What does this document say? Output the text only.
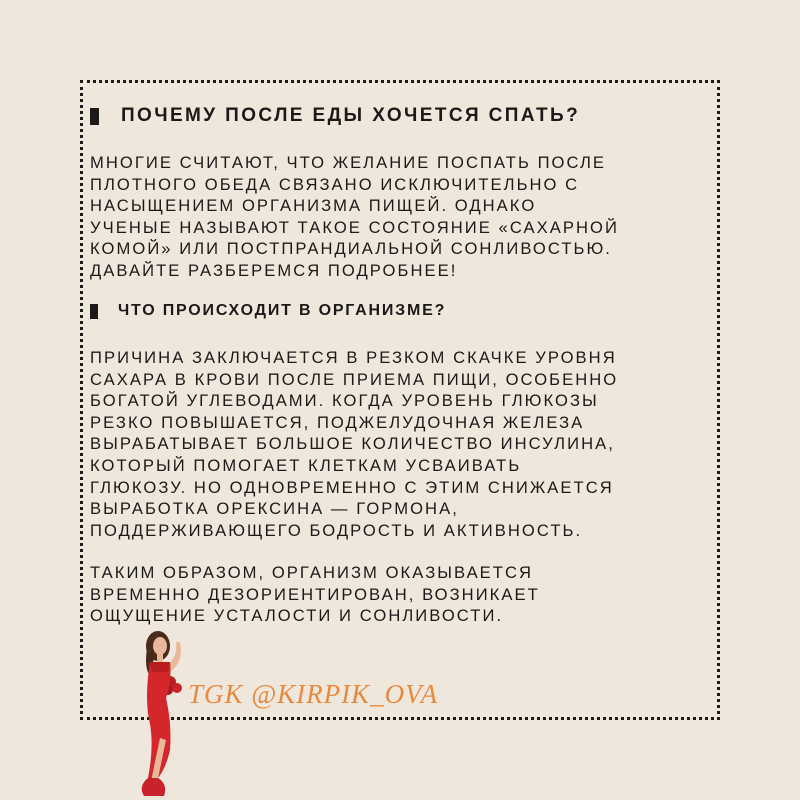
ПОЧЕМУ ПОСЛЕ ЕДЫ ХОЧЕТСЯ СПАТЬ?
МНОГИЕ СЧИТАЮТ, ЧТО ЖЕЛАНИЕ ПОСПАТЬ ПОСЛЕ
ПЛОТНОГО ОБЕДА СВЯЗАНО ИСКЛЮЧИТЕЛЬНО С
НАСЫЩЕНИЕМ ОРГАНИЗМА ПИЩЕЙ. ОДНАКО
УЧЕНЫЕ НАЗЫВАЮТ ТАКОЕ СОСТОЯНИЕ «САХАРНОЙ
КОМОЙ» ИЛИ ПОСТПРАНДИАЛЬНОЙ СОНЛИВОСТЬЮ.
ДАВАЙТЕ РАЗБЕРЕМСЯ ПОДРОБНЕЕ!
ЧТО ПРОИСХОДИТ В ОРГАНИЗМЕ?
ПРИЧИНА ЗАКЛЮЧАЕТСЯ В РЕЗКОМ СКАЧКЕ УРОВНЯ
САХАРА В КРОВИ ПОСЛЕ ПРИЕМА ПИЩИ, ОСОБЕННО
БОГАТОЙ УГЛЕВОДАМИ. КОГДА УРОВЕНЬ ГЛЮКОЗЫ
РЕЗКО ПОВЫШАЕТСЯ, ПОДЖЕЛУДОЧНАЯ ЖЕЛЕЗА
ВЫРАБАТЫВАЕТ БОЛЬШОЕ КОЛИЧЕСТВО ИНСУЛИНА,
КОТОРЫЙ ПОМОГАЕТ КЛЕТКАМ УСВАИВАТЬ
ГЛЮКОЗУ. НО ОДНОВРЕМЕННО С ЭТИМ СНИЖАЕТСЯ
ВЫРАБОТКА ОРЕКСИНА — ГОРМОНА,
ПОДДЕРЖИВАЮЩЕГО БОДРОСТЬ И АКТИВНОСТЬ.
ТАКИМ ОБРАЗОМ, ОРГАНИЗМ ОКАЗЫВАЕТСЯ
ВРЕМЕННО ДЕЗОРИЕНТИРОВАН, ВОЗНИКАЕТ
ОЩУЩЕНИЕ УСТАЛОСТИ И СОНЛИВОСТИ.
TGK @KIRPIK_OVA
